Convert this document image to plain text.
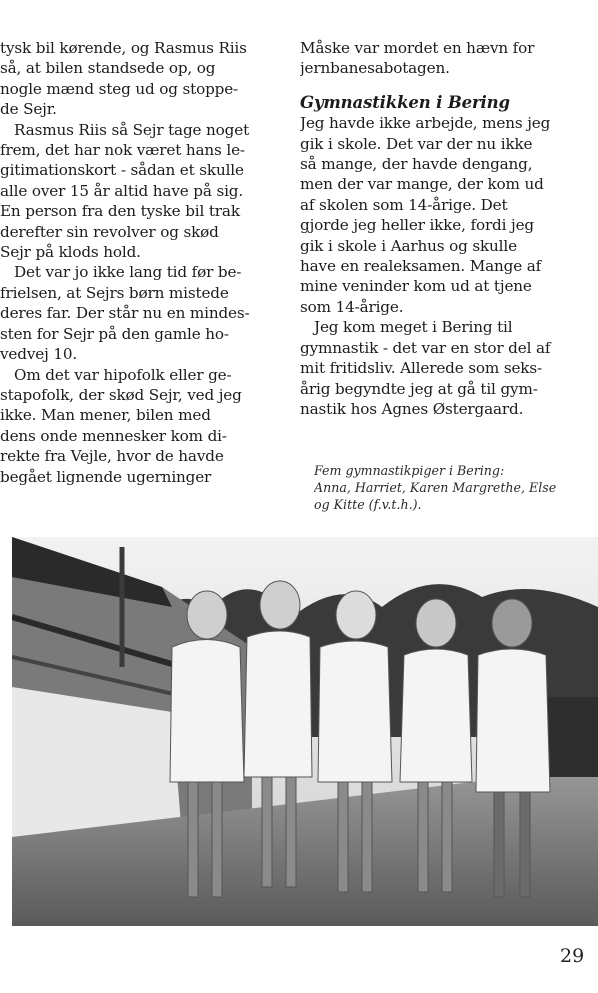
tysk bil kørende, og Rasmus Riis
så, at bilen standsede op, og
nogle mænd steg ud og stoppe-
de Sejr.
Rasmus Riis så Sejr tage noget
frem, det har nok været hans le-
gitimationskort - sådan et skulle
alle over 15 år altid have på sig.
En person fra den tyske bil trak
derefter sin revolver og skød
Sejr på klods hold.
Det var jo ikke lang tid før be-
frielsen, at Sejrs børn mistede
deres far. Der står nu en mindes-
sten for Sejr på den gamle ho-
vedvej 10.
Om det var hipofolk eller ge-
stapofolk, der skød Sejr, ved jeg
ikke. Man mener, bilen med
dens onde mennesker kom di-
rekte fra Vejle, hvor de havde
begået lignende ugerninger
Måske var mordet en hævn for
jernbanesabotagen.
Gymnastikken i Bering
Jeg havde ikke arbejde, mens jeg
gik i skole. Det var der nu ikke
så mange, der havde dengang,
men der var mange, der kom ud
af skolen som 14-årige. Det
gjorde jeg heller ikke, fordi jeg
gik i skole i Aarhus og skulle
have en realeksamen. Mange af
mine veninder kom ud at tjene
som 14-årige.
Jeg kom meget i Bering til
gymnastik - det var en stor del af
mit fritidsliv. Allerede som seks-
årig begyndte jeg at gå til gym-
nastik hos Agnes Østergaard.
Fem gymnastikpiger i Bering:
Anna, Harriet, Karen Margrethe, Else
og Kitte (f.v.t.h.).
29
